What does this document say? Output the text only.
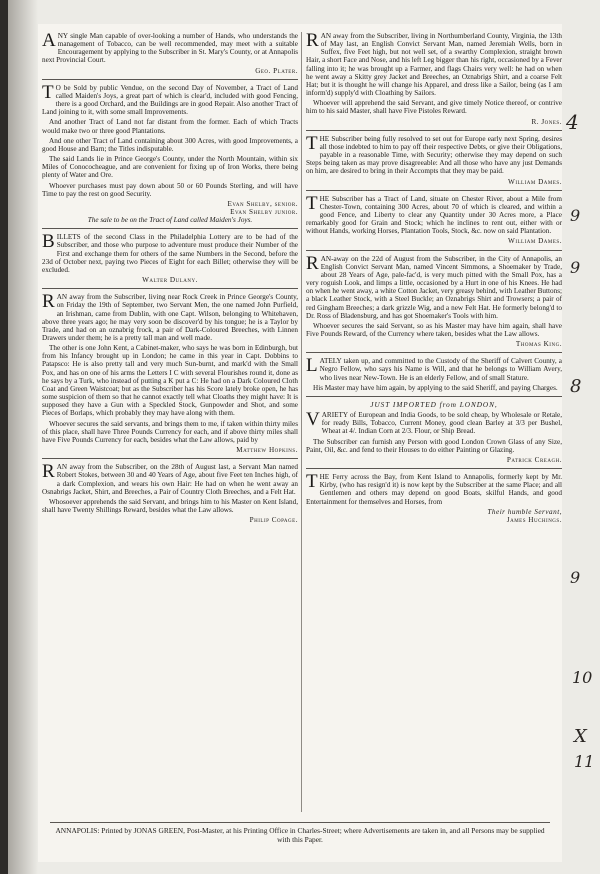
ANY single Man capable of over-looking a number of Hands, who understands the management of Tobacco, can be well recommended, may meet with a suitable Encouragement by applying to the Subscriber in St. Mary's County, or at Annapolis next Provincial Court.

Geo. Plater.

T O be Sold by public Vendue, on the second Day of November, a Tract of Land called Maiden's Joys, a great part of which is clear'd, included with good Fencing, there is a good Orchard, and the Buildings are in good Repair. Also another Tract of Land joining to it, with some small Improvements.

And another Tract of Land not far distant from the former. Each of which Tracts would make two or three good Plantations.

And one other Tract of Land containing about 300 Acres, with good Improvements, a good House and Barn; the Titles indisputable.

The said Lands lie in Prince George's County, under the North Mountain, within six Miles of Conococheague, and are convenient for fixing up of Iron Works, there being plenty of Water and Ore.

Whoever purchases must pay down about 50 or 60 Pounds Sterling, and will have Time to pay the rest on good Security.

Evan Shelby, senior.
Evan Shelby junior.

The sale to be on the Tract of Land called Maiden's Joys.

BILLETS of the second Class in the Philadelphia Lottery are to be had of the Subscriber, and those who purpose to adventure must produce their Number of the First and exchange them for others of the same Numbers in the Second, before the 23d of October next, paying two Pieces of Eight for each Billet; otherwise they will be excluded.

Walter Dulany.

RAN away from the Subscriber, living near Rock Creek in Prince George's County, on Friday the 19th of September, two Servant Men, the one named John Purfield, an Irishman, came from Dublin, with one Capt. Wilson, belonging to Whitehaven, above three years ago; he may very soon be discover'd by his tongue; he is a Taylor by Trade, and had on an oznabrig frock, a pair of Dark-Coloured Breeches, with Linnen Drawers under them; he is a pretty tall man and well made.

The other is one John Kent, a Cabinet-maker, who says he was born in Edinburgh, but from his Infancy brought up in London; he came in this year in Capt. Dobbins to Patapsco: He is also pretty tall and very much Sun-burnt, and mark'd with the Small Pox, and has on one of his arms the Letters I C with several Flourishes round it, done as he says by a Turk, who instead of putting a K put a C: He had on a Dark Coloured Cloth Coat and Green Waistcoat; but as the Subscriber has his Score lately broke open, he has some suspicion of them so that he cannot exactly tell what Cloaths they might have: It is supposed they have a Gun with a Speckled Stock, Gunpowder and Shot, and some Pieces of Borlaps, which probably they may have along with them.

Whoever secures the said servants, and brings them to me, if taken within thirty miles of this place, shall have Three Pounds Currency for each, and if above thirty miles shall have Five Pounds Currency for each, besides what the Law allows, paid by

Matthew Hopkins.

RAN away from the Subscriber, on the 28th of August last, a Servant Man named Robert Stokes, between 30 and 40 Years of Age, about five Feet ten Inches high, of a dark Complexion, and wears his own Hair: He had on when he went away an Osnabrigs Jacket, Shirt, and Breeches, a Pair of Country Cloth Breeches, and a Felt Hat.

Whosoever apprehends the said Servant, and brings him to his Master on Kent Island, shall have Twenty Shillings Reward, besides what the Law allows.

Philip Copage.

RAN away from the Subscriber, living in Northumberland County, Virginia, the 13th of May last, an English Convict Servant Man, named Jeremiah Wells, born in Suffex, five Feet high, but not well set, of a swarthy Complexion, straight brown Hair, a short Face and Nose, and his left Leg bigger than his right, occasioned by a Fever falling into it; he was brought up a Farmer, and flags Chairs very well: he had on when he went away a Skitty grey Jacket and Breeches, an Oznabrigs Shirt, and a coarse Felt Hat; but it is thought he will change his Apparel, and dress like a Sailor, being (as I am inform'd) supply'd with Cloathing by Sailors.

Whoever will apprehend the said Servant, and give timely Notice thereof, or contrive him to his said Master, shall have Five Pistoles Reward.

R. Jones.

THE Subscriber being fully resolved to set out for Europe early next Spring, desires all those indebted to him to pay off their respective Debts, or give their Obligations, payable in a reasonable Time, with Security; otherwise they may depend on such Steps being taken as may prove disagreeable: And all those who have any just Demands on him, are desired to bring in their Accompts that they may be paid.

William Dames.

THE Subscriber has a Tract of Land, situate on Chester River, about a Mile from Chester-Town, containing 300 Acres, about 70 of which is cleared, and within a good Fence, and Liberty to clear any Quantity under 30 Acres more, a Place remarkably good for Grain and Stock; which he inclines to rent out, either with or without Hands, working Horses, Plantation Tools, Stock, &c. now on said Plantation.

William Dames.

RAN-away on the 22d of August from the Subscriber, in the City of Annapolis, an English Convict Servant Man, named Vincent Simmons, a Shoemaker by Trade, about 28 Years of Age, pale-fac'd, is very much pitted with the Small Pox, has a very roguish Look, and limps a little, occasioned by a Hurt in one of his Knees. He had on when he went away, a white Cotton Jacket, very greasy behind, with Leather Buttons; a black Leather Stock, with a Steel Buckle; an Oznabrigs Shirt and Trowsers; a pair of red Gingham Breeches; a dark grizzle Wig, and a new Felt Hat. He formerly belong'd to Dr. Ross of Bladensburg, and has got Shoemaker's Tools with him.

Whoever secures the said Servant, so as his Master may have him again, shall have Five Pounds Reward, of the Currency where taken, besides what the Law allows.

Thomas King.

LATELY taken up, and committed to the Custody of the Sheriff of Calvert County, a Negro Fellow, who says his Name is Will, and that he belongs to William Avery, who lives near New-Town. He is an elderly Fellow, and of small Stature.

His Master may have him again, by applying to the said Sheriff, and paying Charges.

JUST IMPORTED from LONDON,

VARIETY of European and India Goods, to be sold cheap, by Wholesale or Retale, for ready Bills, Tobacco, Current Money, good clean Barley at 3/3 per Bushel, Wheat at 4/. Indian Corn at 2/3. Flour, or Ship Bread.

The Subscriber can furnish any Person with good London Crown Glass of any Size, Paint, Oil, &c. and fend to their Houses to do either Painting or Glazing.

Patrick Creagh.

THE Ferry across the Bay, from Kent Island to Annapolis, formerly kept by Mr. Kirby, (who has resign'd it) is now kept by the Subscriber at the same Place; and all Gentlemen and others may depend on good Boats, skilful Hands, and good Entertainment for themselves and Horses, from

Their humble Servant,
James Huchings.
ANNAPOLIS: Printed by JONAS GREEN, Post-Master, at his Printing Office in Charles-Street; where Advertisements are taken in, and all Persons may be supplied with this Paper.
4
9
9
8
9
10
X
11
